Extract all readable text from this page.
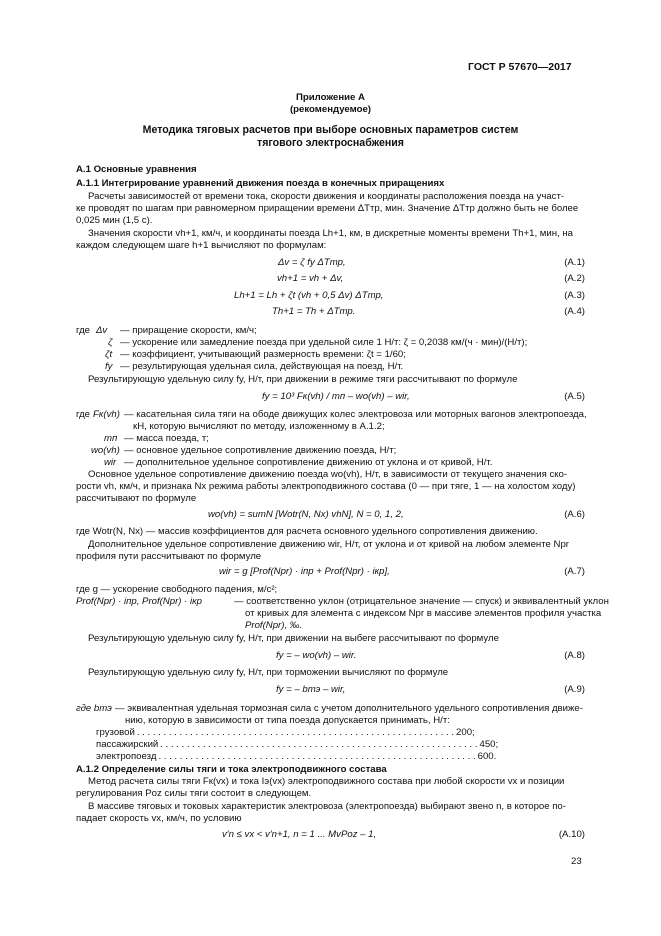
ГОСТ Р 57670—2017
Приложение А
(рекомендуемое)
Методика тяговых расчетов при выборе основных параметров систем
тягового электроснабжения
А.1 Основные уравнения
А.1.1 Интегрирование уравнений движения поезда в конечных приращениях
Расчеты зависимостей от времени тока, скорости движения и координаты расположения поезда на участ-
ке проводят по шагам при равномерном приращении времени ΔTтр, мин. Значение ΔTтр должно быть не более
0,025 мин (1,5 с).
Значения скорости vh+1, км/ч, и координаты поезда Lh+1, км, в дискретные моменты времени Th+1, мин, на
каждом следующем шаге h+1 вычисляют по формулам:
Δv = ζ fу ΔTтр,	(А.1)
vh+1 = vh + Δv,	(А.2)
Lh+1 = Lh + ζt (vh + 0,5 Δv) ΔTтр,	(А.3)
Th+1 = Th + ΔTтр.	(А.4)
где Δv — приращение скорости, км/ч;
ζ — ускорение или замедление поезда при удельной силе 1 Н/т: ζ = 0,2038 км/(ч · мин)/(Н/т);
ζt — коэффициент, учитывающий размерность времени: ζt = 1/60;
fу — результирующая удельная сила, действующая на поезд, Н/т.
Результирующую удельную силу fу, Н/т, при движении в режиме тяги рассчитывают по формуле
fу = 10³ Fк(vh) / mп – wо(vh) – wir,	(А.5)
где Fк(vh) — касательная сила тяги на ободе движущих колес электровоза или моторных вагонов электропоезда,
кН, которую вычисляют по методу, изложенному в А.1.2;
mп — масса поезда, т;
wо(vh) — основное удельное сопротивление движению поезда, Н/т;
wir — дополнительное удельное сопротивление движению от уклона и от кривой, Н/т.
Основное удельное сопротивление движению поезда wо(vh), Н/т, в зависимости от текущего значения ско-
рости vh, км/ч, и признака Nx режима работы электроподвижного состава (0 — при тяге, 1 — на холостом ходу)
рассчитывают по формуле
wо(vh) = sumN [Wotr(N, Nx) vhN], N = 0, 1, 2,	(А.6)
где Wotr(N, Nx) — массив коэффициентов для расчета основного удельного сопротивления движению.
Дополнительное удельное сопротивление движению wir, Н/т, от уклона и от кривой на любом элементе Npr
профиля пути рассчитывают по формуле
wir = g [Prof(Npr) · iпр + Prof(Npr) · iкр],	(А.7)
где g — ускорение свободного падения, м/с²;
Prof(Npr) · iпр, Prof(Npr) · iкр	— соответственно уклон (отрицательное значение — спуск) и эквивалентный уклон
от кривых для элемента с индексом Npr в массиве элементов профиля участка
Prof(Npr), ‰.
Результирующую удельную силу fу, Н/т, при движении на выбеге рассчитывают по формуле
fу = – wо(vh) – wir.	(А.8)
Результирующую удельную силу fу, Н/т, при торможении вычисляют по формуле
fу = – bтэ – wir,	(А.9)
где bтэ — эквивалентная удельная тормозная сила с учетом дополнительного удельного сопротивления движе-
нию, которую в зависимости от типа поезда допускается принимать, Н/т:
грузовой . . . . . . . . . . . . . . . . . . . . . . . . . . . . . . . . . . . . . . . . . . . . . . . . . . . . . . . . . . . . 200;
пассажирский . . . . . . . . . . . . . . . . . . . . . . . . . . . . . . . . . . . . . . . . . . . . . . . . . . . . . . . . . . . . 450;
электропоезд . . . . . . . . . . . . . . . . . . . . . . . . . . . . . . . . . . . . . . . . . . . . . . . . . . . . . . . . . . . . 600.
А.1.2 Определение силы тяги и тока электроподвижного состава
Метод расчета силы тяги Fк(vx) и тока Iэ(vx) электроподвижного состава при любой скорости vx и позиции
регулирования Poz силы тяги состоит в следующем.
В массиве тяговых и токовых характеристик электровоза (электропоезда) выбирают звено n, в которое по-
падает скорость vx, км/ч, по условию
v′n ≤ vx < v′n+1, n = 1 ... MvPoz – 1,	(А.10)
23
